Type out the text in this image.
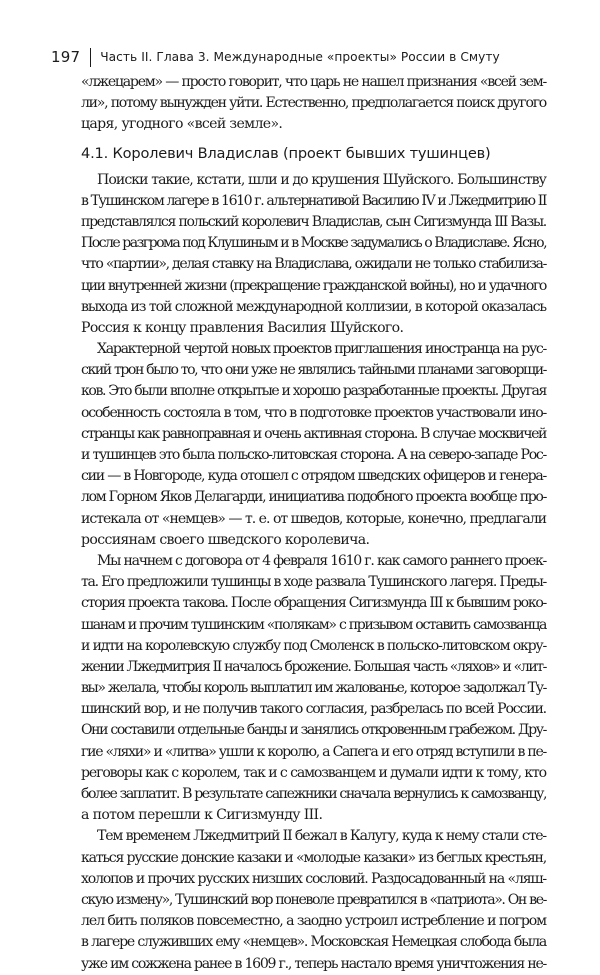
197 Часть II. Глава 3. Международные «проекты» России в Смуту

«лжецарем» — просто говорит, что царь не нашел признания «всей зем-
ли», потому вынужден уйти. Естественно, предполагается поиск другого
царя, угодного «всей земле».

4.1. Королевич Владислав (проект бывших тушинцев)

Поиски такие, кстати, шли и до крушения Шуйского. Большинству
в Тушинском лагере в 1610 г. альтернативой Василию IV и Лжедмитрию II
представлялся польский королевич Владислав, сын Сигизмунда III Вазы.
После разгрома под Клушиным и в Москве задумались о Владиславе. Ясно,
что «партии», делая ставку на Владислава, ожидали не только стабилиза-
ции внутренней жизни (прекращение гражданской войны), но и удачного
выхода из той сложной международной коллизии, в которой оказалась
Россия к концу правления Василия Шуйского.

Характерной чертой новых проектов приглашения иностранца на рус-
ский трон было то, что они уже не являлись тайными планами заговорщи-
ков. Это были вполне открытые и хорошо разработанные проекты. Другая
особенность состояла в том, что в подготовке проектов участвовали ино-
странцы как равноправная и очень активная сторона. В случае москвичей
и тушинцев это была польско-литовская сторона. А на северо-западе Рос-
сии — в Новгороде, куда отошел с отрядом шведских офицеров и генера-
лом Горном Яков Делагарди, инициатива подобного проекта вообще про-
истекала от «немцев» — т. е. от шведов, которые, конечно, предлагали
россиянам своего шведского королевича.

Мы начнем с договора от 4 февраля 1610 г. как самого раннего проек-
та. Его предложили тушинцы в ходе развала Тушинского лагеря. Преды-
стория проекта такова. После обращения Сигизмунда III к бывшим роко-
шанам и прочим тушинским «полякам» с призывом оставить самозванца
и идти на королевскую службу под Смоленск в польско-литовском окру-
жении Лжедмитрия II началось брожение. Большая часть «ляхов» и «лит-
вы» желала, чтобы король выплатил им жалованье, которое задолжал Ту-
шинский вор, и не получив такого согласия, разбрелась по всей России.
Они составили отдельные банды и занялись откровенным грабежом. Дру-
гие «ляхи» и «литва» ушли к королю, а Сапега и его отряд вступили в пе-
реговоры как с королем, так и с самозванцем и думали идти к тому, кто
более заплатит. В результате сапежники сначала вернулись к самозванцу,
а потом перешли к Сигизмунду III.

Тем временем Лжедмитрий II бежал в Калугу, куда к нему стали сте-
каться русские донские казаки и «молодые казаки» из беглых крестьян,
холопов и прочих русских низших сословий. Раздосадованный на «ляш-
скую измену», Тушинский вор поневоле превратился в «патриота». Он ве-
лел бить поляков повсеместно, а заодно устроил истребление и погром
в лагере служивших ему «немцев». Московская Немецкая слобода была
уже им сожжена ранее в 1609 г., теперь настало время уничтожения не-
